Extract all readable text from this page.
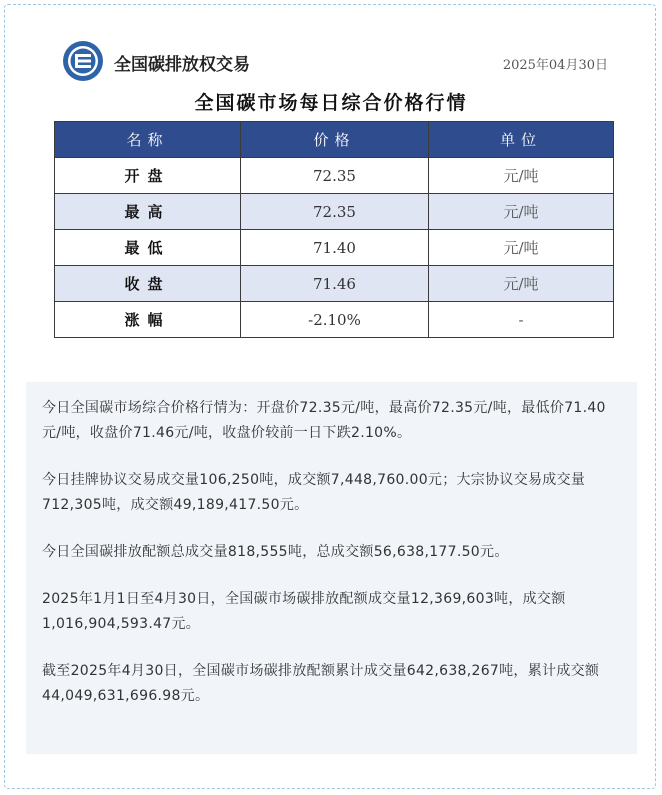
全国碳排放权交易	2025年04月30日
全国碳市场每日综合价格行情
名称	价格	单位
开盘	72.35	元/吨
最高	72.35	元/吨
最低	71.40	元/吨
收盘	71.46	元/吨
涨幅	-2.10%	-

今日全国碳市场综合价格行情为：开盘价72.35元/吨，最高价72.35元/吨，最低价71.40元/吨，收盘价71.46元/吨，收盘价较前一日下跌2.10%。

今日挂牌协议交易成交量106,250吨，成交额7,448,760.00元；大宗协议交易成交量712,305吨，成交额49,189,417.50元。

今日全国碳排放配额总成交量818,555吨，总成交额56,638,177.50元。

2025年1月1日至4月30日，全国碳市场碳排放配额成交量12,369,603吨，成交额1,016,904,593.47元。

截至2025年4月30日，全国碳市场碳排放配额累计成交量642,638,267吨，累计成交额44,049,631,696.98元。
